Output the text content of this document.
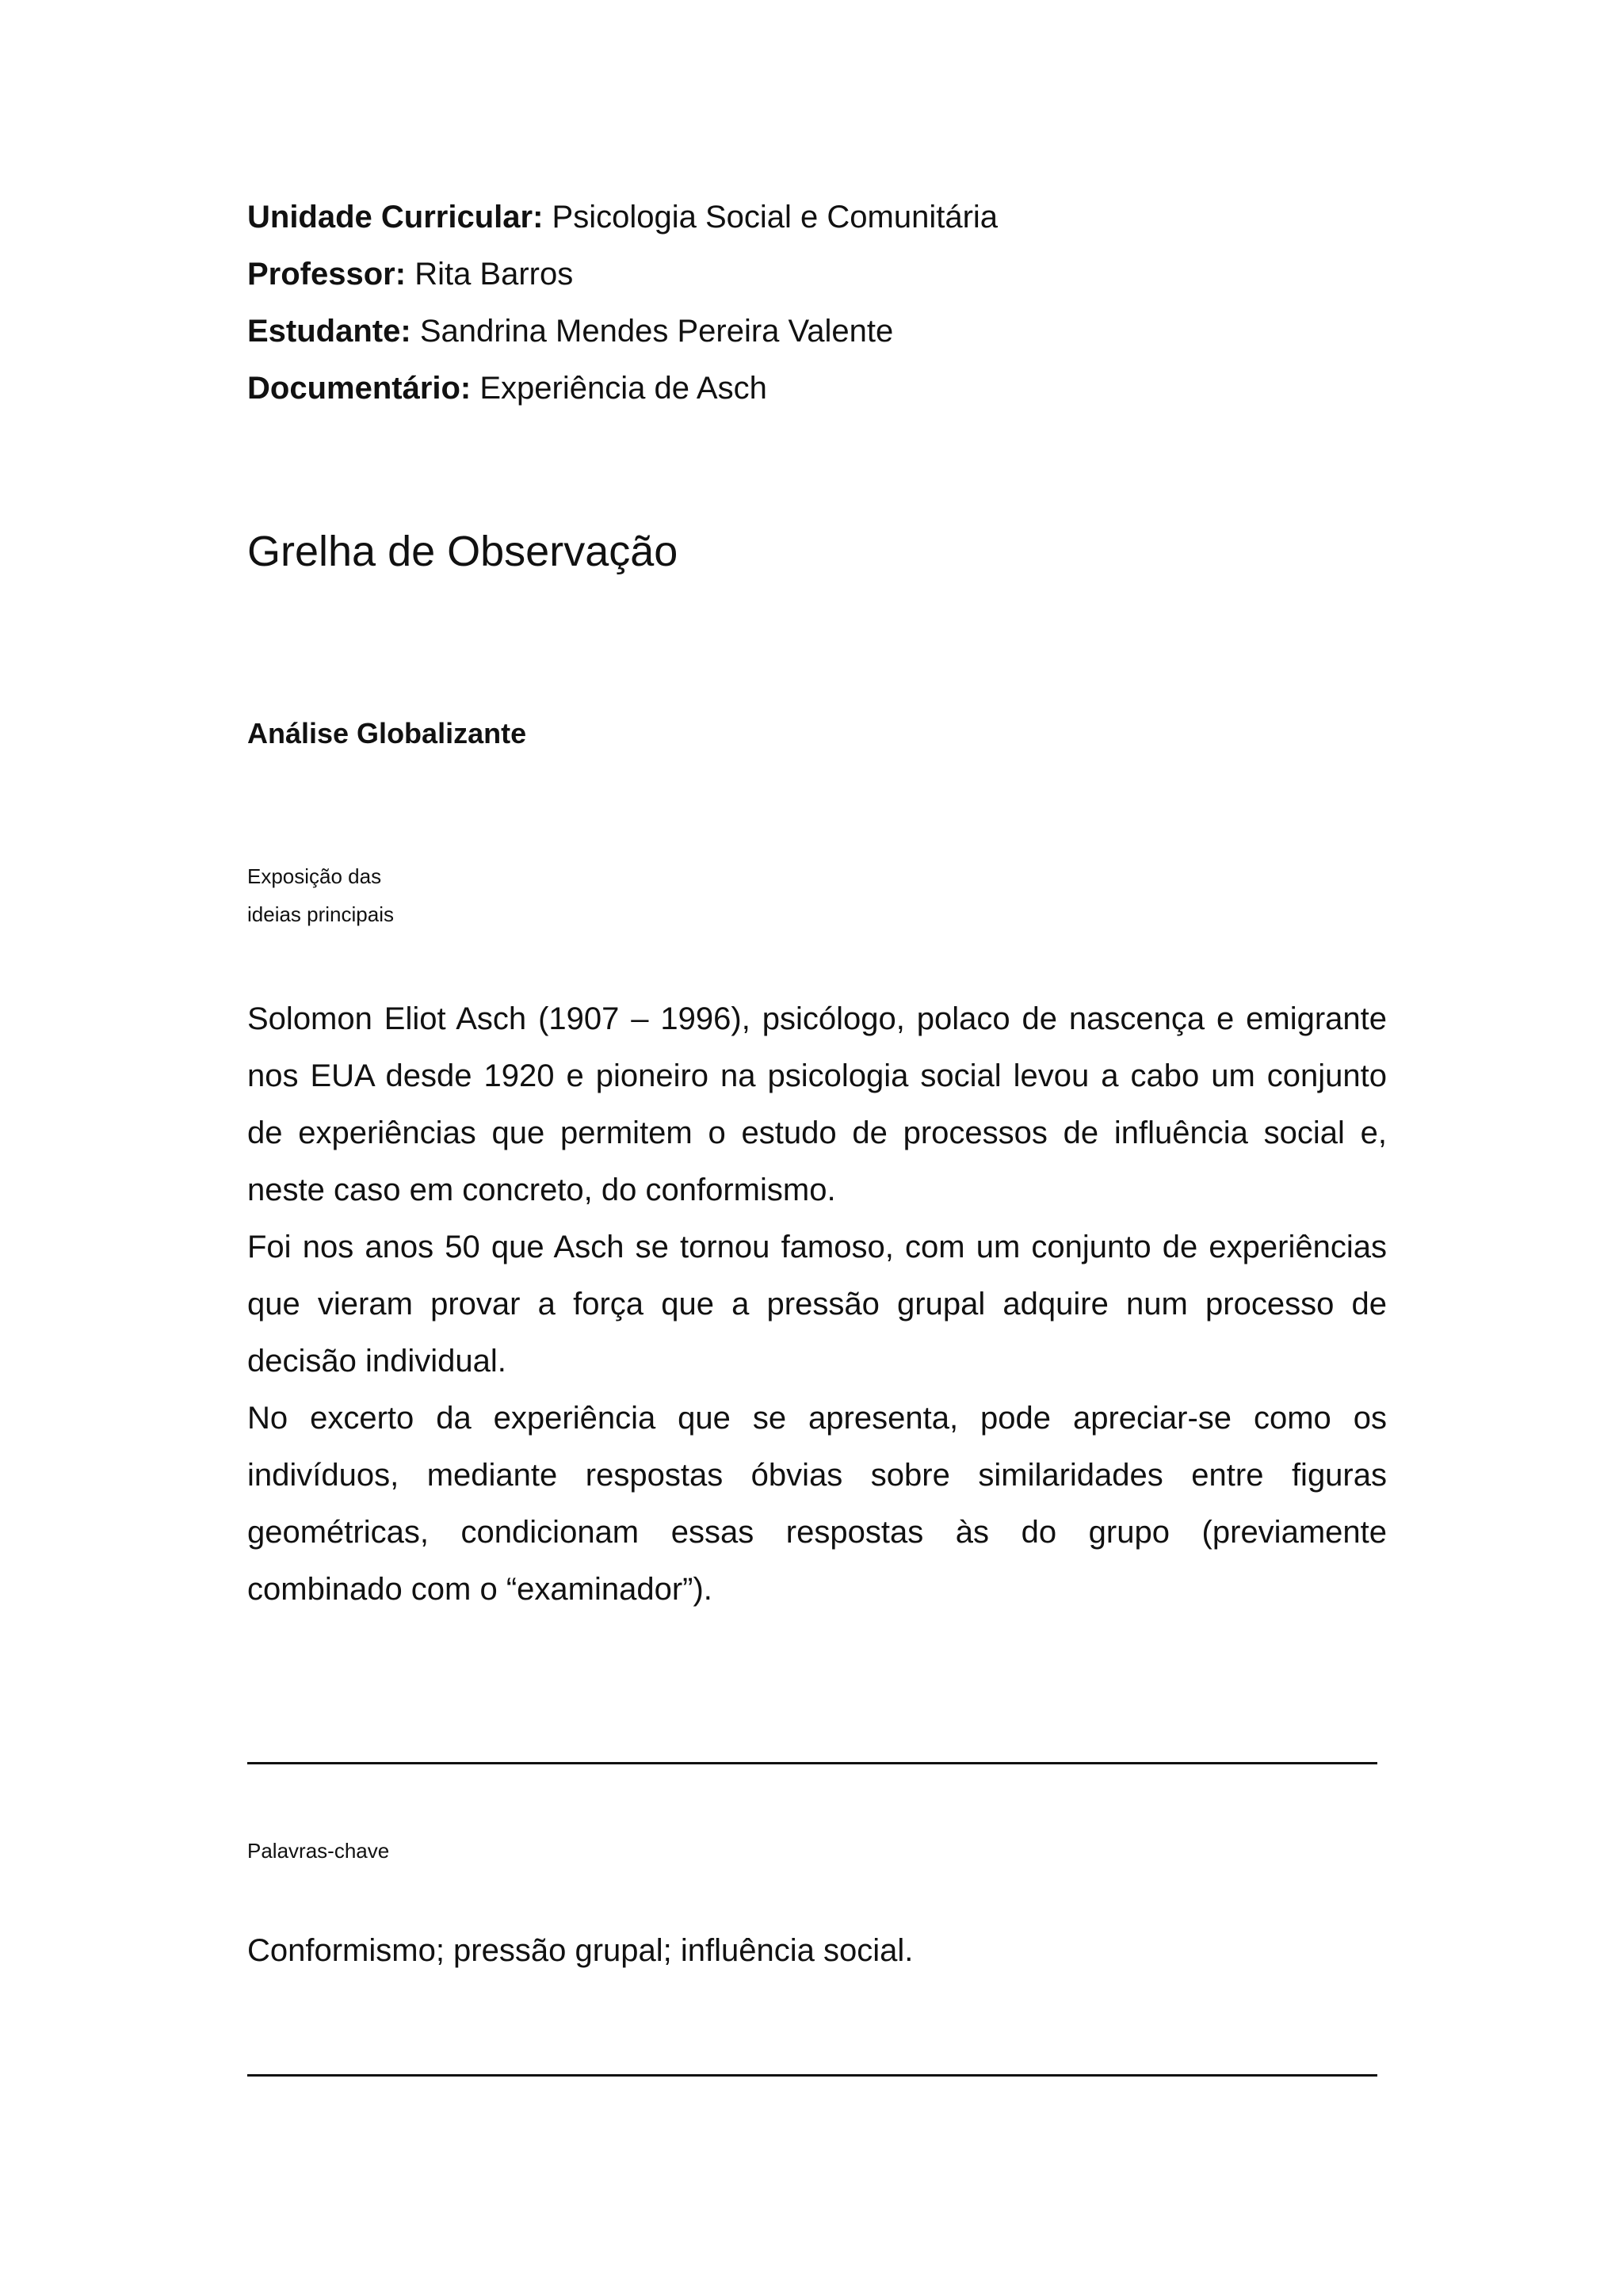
Unidade Curricular: Psicologia Social e Comunitária
Professor: Rita Barros
Estudante: Sandrina Mendes Pereira Valente
Documentário: Experiência de Asch
Grelha de Observação
Análise Globalizante
Exposição das
ideias principais

Solomon Eliot Asch (1907 – 1996), psicólogo, polaco de nascença e emigrante nos EUA desde 1920 e pioneiro na psicologia social levou a cabo um conjunto de experiências que permitem o estudo de processos de influência social e, neste caso em concreto, do conformismo.

Foi nos anos 50 que Asch se tornou famoso, com um conjunto de experiências que vieram provar a força que a pressão grupal adquire num processo de decisão individual.

No excerto da experiência que se apresenta, pode apreciar-se como os indivíduos, mediante respostas óbvias sobre similaridades entre figuras geométricas, condicionam essas respostas às do grupo (previamente combinado com o “examinador”).

Palavras-chave
Conformismo; pressão grupal; influência social.
